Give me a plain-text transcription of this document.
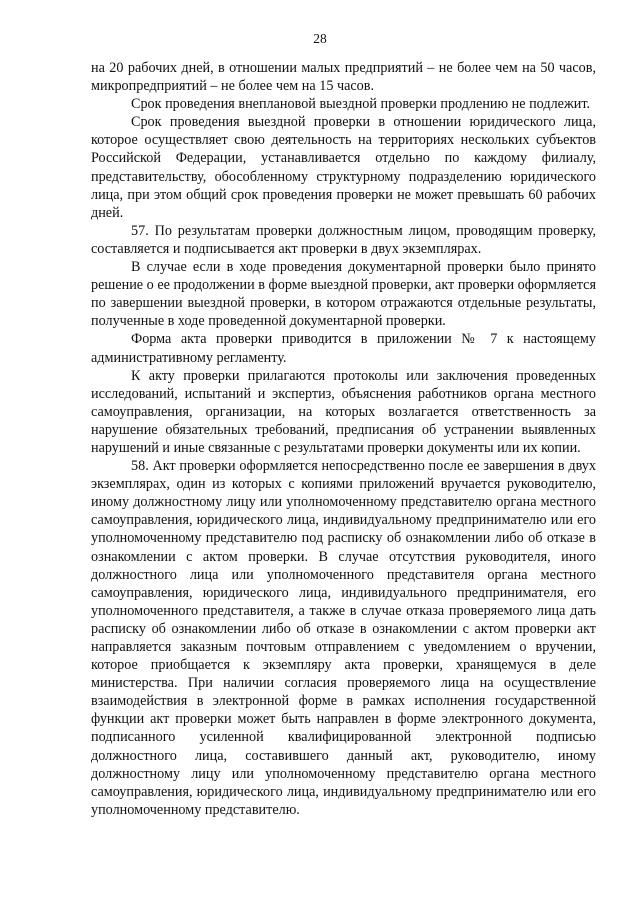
28

на 20 рабочих дней, в отношении малых предприятий – не более чем на 50 часов, микропредприятий – не более чем на 15 часов.

Срок проведения внеплановой выездной проверки продлению не подлежит.

Срок проведения выездной проверки в отношении юридического лица, которое осуществляет свою деятельность на территориях нескольких субъектов Российской Федерации, устанавливается отдельно по каждому филиалу, представительству, обособленному структурному подразделению юридического лица, при этом общий срок проведения проверки не может превышать 60 рабочих дней.

57. По результатам проверки должностным лицом, проводящим проверку, составляется и подписывается акт проверки в двух экземплярах.

В случае если в ходе проведения документарной проверки было принято решение о ее продолжении в форме выездной проверки, акт проверки оформляется по завершении выездной проверки, в котором отражаются отдельные результаты, полученные в ходе проведенной документарной проверки.

Форма акта проверки приводится в приложении № 7 к настоящему административному регламенту.

К акту проверки прилагаются протоколы или заключения проведенных исследований, испытаний и экспертиз, объяснения работников органа местного самоуправления, организации, на которых возлагается ответственность за нарушение обязательных требований, предписания об устранении выявленных нарушений и иные связанные с результатами проверки документы или их копии.

58. Акт проверки оформляется непосредственно после ее завершения в двух экземплярах, один из которых с копиями приложений вручается руководителю, иному должностному лицу или уполномоченному представителю органа местного самоуправления, юридического лица, индивидуальному предпринимателю или его уполномоченному представителю под расписку об ознакомлении либо об отказе в ознакомлении с актом проверки. В случае отсутствия руководителя, иного должностного лица или уполномоченного представителя органа местного самоуправления, юридического лица, индивидуального предпринимателя, его уполномоченного представителя, а также в случае отказа проверяемого лица дать расписку об ознакомлении либо об отказе в ознакомлении с актом проверки акт направляется заказным почтовым отправлением с уведомлением о вручении, которое приобщается к экземпляру акта проверки, хранящемуся в деле министерства. При наличии согласия проверяемого лица на осуществление взаимодействия в электронной форме в рамках исполнения государственной функции акт проверки может быть направлен в форме электронного документа, подписанного усиленной квалифицированной электронной подписью должностного лица, составившего данный акт, руководителю, иному должностному лицу или уполномоченному представителю органа местного самоуправления, юридического лица, индивидуальному предпринимателю или его уполномоченному представителю.
